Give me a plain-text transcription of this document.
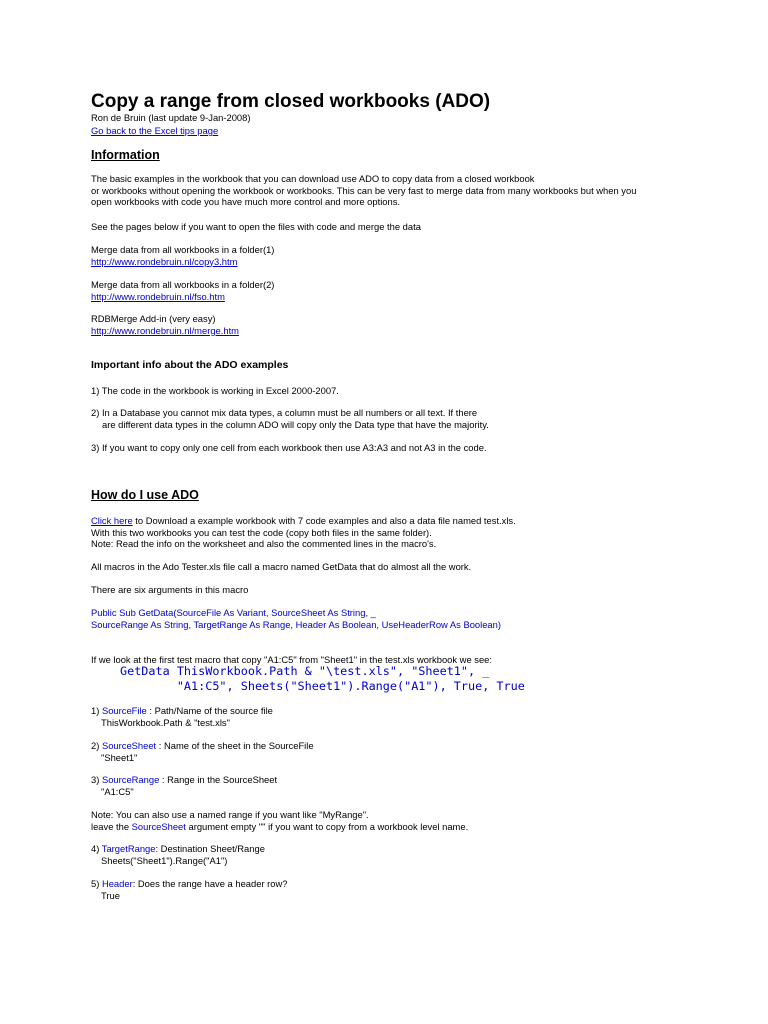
Copy a range from closed workbooks (ADO)
Ron de Bruin (last update 9-Jan-2008)
Go back to the Excel tips page
Information
The basic examples in the workbook that you can download use ADO to copy data from a closed workbook
or workbooks without opening the workbook or workbooks. This can be very fast to merge data from many workbooks but when you
open workbooks with code you have much more control and more options.
See the pages below if you want to open the files with code and merge the data
Merge data from all workbooks in a folder(1)
http://www.rondebruin.nl/copy3.htm
Merge data from all workbooks in a folder(2)
http://www.rondebruin.nl/fso.htm
RDBMerge Add-in (very easy)
http://www.rondebruin.nl/merge.htm
Important info about the ADO examples
1) The code in the workbook is working in Excel 2000-2007.
2) In a Database you cannot mix data types, a column must be all numbers or all text. If there
are different data types in the column ADO will copy only the Data type that have the majority.
3) If you want to copy only one cell from each workbook then use A3:A3 and not A3 in the code.
How do I use ADO
Click here to Download a example workbook with 7 code examples and also a data file named test.xls.
With this two workbooks you can test the code (copy both files in the same folder).
Note: Read the info on the worksheet and also the commented lines in the macro's.
All macros in the Ado Tester.xls file call a macro named GetData that do almost all the work.
There are six arguments in this macro
Public Sub GetData(SourceFile As Variant, SourceSheet As String, _
SourceRange As String, TargetRange As Range, Header As Boolean, UseHeaderRow As Boolean)
If we look at the first test macro that copy "A1:C5" from "Sheet1" in the test.xls workbook we see:
GetData ThisWorkbook.Path & "\test.xls", "Sheet1", _
"A1:C5", Sheets("Sheet1").Range("A1"), True, True
1) SourceFile : Path/Name of the source file
ThisWorkbook.Path & "test.xls"
2) SourceSheet : Name of the sheet in the SourceFile
"Sheet1"
3) SourceRange : Range in the SourceSheet
"A1:C5"
Note: You can also use a named range if you want like "MyRange".
leave the SourceSheet argument empty "" if you want to copy from a workbook level name.
4) TargetRange: Destination Sheet/Range
Sheets("Sheet1").Range("A1")
5) Header: Does the range have a header row?
True
